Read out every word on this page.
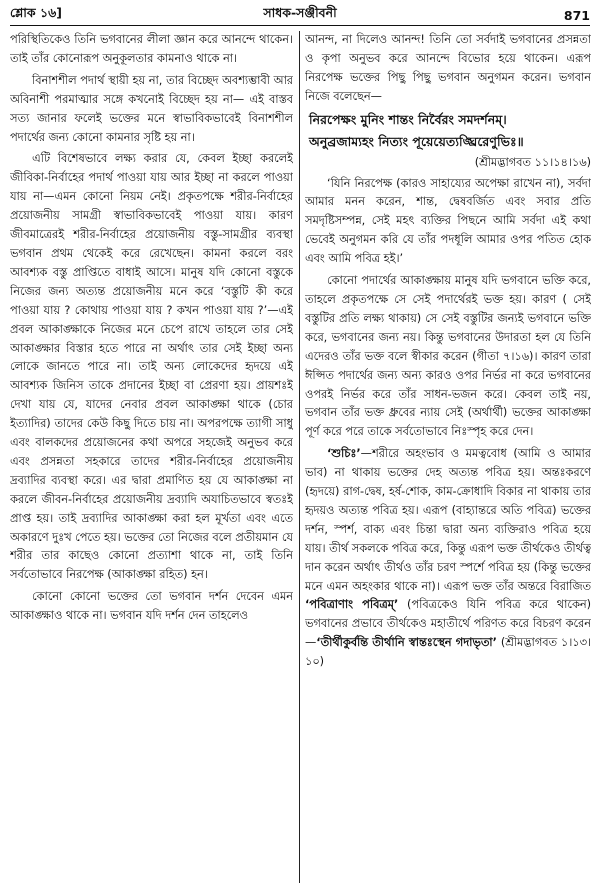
শ্লোক ১৬]	সাধক-সঞ্জীবনী	871

পরিস্থিতিকেও তিনি ভগবানের লীলা জ্ঞান করে আনন্দে থাকেন। তাই তাঁর কোনোরূপ অনুকূলতার কামনাও থাকে না।

বিনাশশীল পদার্থ স্থায়ী হয় না, তার বিচ্ছেদ অবশ্যম্ভাবী আর অবিনাশী পরমাত্মার সঙ্গে কখনোই বিচ্ছেদ হয় না— এই বাস্তব সত্য জানার ফলেই ভক্তের মনে স্বাভাবিকভাবেই বিনাশশীল পদার্থের জন্য কোনো কামনার সৃষ্টি হয় না।

এটি বিশেষভাবে লক্ষ্য করার যে, কেবল ইচ্ছা করলেই জীবিকা-নির্বাহের পদার্থ পাওয়া যায় আর ইচ্ছা না করলে পাওয়া যায় না—এমন কোনো নিয়ম নেই। প্রকৃতপক্ষে শরীর-নির্বাহের প্রয়োজনীয় সামগ্রী স্বাভাবিকভাবেই পাওয়া যায়। কারণ জীবমাত্রেরই শরীর-নির্বাহের প্রয়োজনীয় বস্তু-সামগ্রীর ব্যবস্থা ভগবান প্রথম থেকেই করে রেখেছেন। কামনা করলে বরং আবশ্যক বস্তু প্রাপ্তিতে বাধাই আসে। মানুষ যদি কোনো বস্তুকে নিজের জন্য অত্যন্ত প্রয়োজনীয় মনে করে ‘বস্তুটি কী করে পাওয়া যায় ? কোথায় পাওয়া যায় ? কখন পাওয়া যায় ?’—এই প্রবল আকাঙ্ক্ষাকে নিজের মনে চেপে রাখে তাহলে তার সেই আকাঙ্ক্ষার বিস্তার হতে পারে না অর্থাৎ তার সেই ইচ্ছা অন্য লোকে জানতে পারে না। তাই অন্য লোকেদের হৃদয়ে এই আবশ্যক জিনিস তাকে প্রদানের ইচ্ছা বা প্রেরণা হয়। প্রায়শঃই দেখা যায় যে, যাদের নেবার প্রবল আকাঙ্ক্ষা থাকে (চোর ইত্যাদির) তাদের কেউ কিছু দিতে চায় না। অপরপক্ষে ত্যাগী সাধু এবং বালকদের প্রয়োজনের কথা অপরে সহজেই অনুভব করে এবং প্রসন্নতা সহকারে তাদের শরীর-নির্বাহের প্রয়োজনীয় দ্রব্যাদির ব্যবস্থা করে। এর দ্বারা প্রমাণিত হয় যে আকাঙ্ক্ষা না করলে জীবন-নির্বাহের প্রয়োজনীয় দ্রব্যাদি অযাচিতভাবে স্বতঃই প্রাপ্ত হয়। তাই দ্রব্যাদির আকাঙ্ক্ষা করা হল মূর্খতা এবং এতে অকারণে দুঃখ পেতে হয়। ভক্তের তো নিজের বলে প্রতীয়মান যে শরীর তার কাছেও কোনো প্রত্যাশা থাকে না, তাই তিনি সর্বতোভাবে নিরপেক্ষ (আকাঙ্ক্ষা রহিত) হন।

কোনো কোনো ভক্তের তো ভগবান দর্শন দেবেন এমন আকাঙ্ক্ষাও থাকে না। ভগবান যদি দর্শন দেন তাহলেও

আনন্দ, না দিলেও আনন্দ! তিনি তো সর্বদাই ভগবানের প্রসন্নতা ও কৃপা অনুভব করে আনন্দে বিভোর হয়ে থাকেন। এরূপ নিরপেক্ষ ভক্তের পিছু পিছু ভগবান অনুগমন করেন। ভগবান নিজে বলেছেন—

নিরপেক্ষং মুনিং শান্তং নির্বৈরং সমদর্শনম্।

অনুব্রজাম্যহং নিত্যং পূয়েয়েত্যঙ্ঘ্রিরেণুভিঃ॥

(শ্রীমদ্ভাগবত ১১।১৪।১৬)

‘যিনি নিরপেক্ষ (কারও সাহায্যের অপেক্ষা রাখেন না), সর্বদা আমার মনন করেন, শান্ত, দ্বেষবর্জিত এবং সবার প্রতি সমদৃষ্টিসম্পন্ন, সেই মহৎ ব্যক্তির পিছনে আমি সর্বদা এই কথা ভেবেই অনুগমন করি যে তাঁর পদধূলি আমার ওপর পতিত হোক এবং আমি পবিত্র হই।’

কোনো পদার্থের আকাঙ্ক্ষায় মানুষ যদি ভগবানে ভক্তি করে, তাহলে প্রকৃতপক্ষে সে সেই পদার্থেরই ভক্ত হয়। কারণ ( সেই বস্তুটির প্রতি লক্ষ্য থাকায়) সে সেই বস্তুটির জন্যই ভগবানে ভক্তি করে, ভগবানের জন্য নয়। কিন্তু ভগবানের উদারতা হল যে তিনি এদেরও তাঁর ভক্ত বলে স্বীকার করেন (গীতা ৭।১৬)। কারণ তারা ঈপ্সিত পদার্থের জন্য অন্য কারও ওপর নির্ভর না করে ভগবানের ওপরই নির্ভর করে তাঁর সাধন-ভজন করে। কেবল তাই নয়, ভগবান তাঁর ভক্ত ধ্রুবের ন্যায় সেই (অর্থার্থী) ভক্তের আকাঙ্ক্ষা পূর্ণ করে পরে তাকে সর্বতোভাবে নিঃস্পৃহ করে দেন।

‘শুচিঃ’—শরীরে অহংভাব ও মমত্ববোধ (আমি ও আমার ভাব) না থাকায় ভক্তের দেহ অত্যন্ত পবিত্র হয়। অন্তঃকরণে (হৃদয়ে) রাগ-দ্বেষ, হর্ষ-শোক, কাম-ক্রোধাদি বিকার না থাকায় তার হৃদয়ও অত্যন্ত পবিত্র হয়। এরূপ (বাহ্যান্তরে অতি পবিত্র) ভক্তের দর্শন, স্পর্শ, বাক্য এবং চিন্তা দ্বারা অন্য ব্যক্তিরাও পবিত্র হয়ে যায়। তীর্থ সকলকে পবিত্র করে, কিন্তু এরূপ ভক্ত তীর্থকেও তীর্থত্ব দান করেন অর্থাৎ তীর্থও তাঁর চরণ স্পর্শে পবিত্র হয় (কিন্তু ভক্তের মনে এমন অহংকার থাকে না)। এরূপ ভক্ত তাঁর অন্তরে বিরাজিত ‘পবিত্রাণাং পবিত্রম্’ (পবিত্রকেও যিনি পবিত্র করে থাকেন) ভগবানের প্রভাবে তীর্থকেও মহাতীর্থে পরিণত করে বিচরণ করেন—‘তীর্থীকুর্বন্তি তীর্থানি স্বান্তঃস্থেন গদাভৃতা’ (শ্রীমদ্ভাগবত ১।১৩।১০)
